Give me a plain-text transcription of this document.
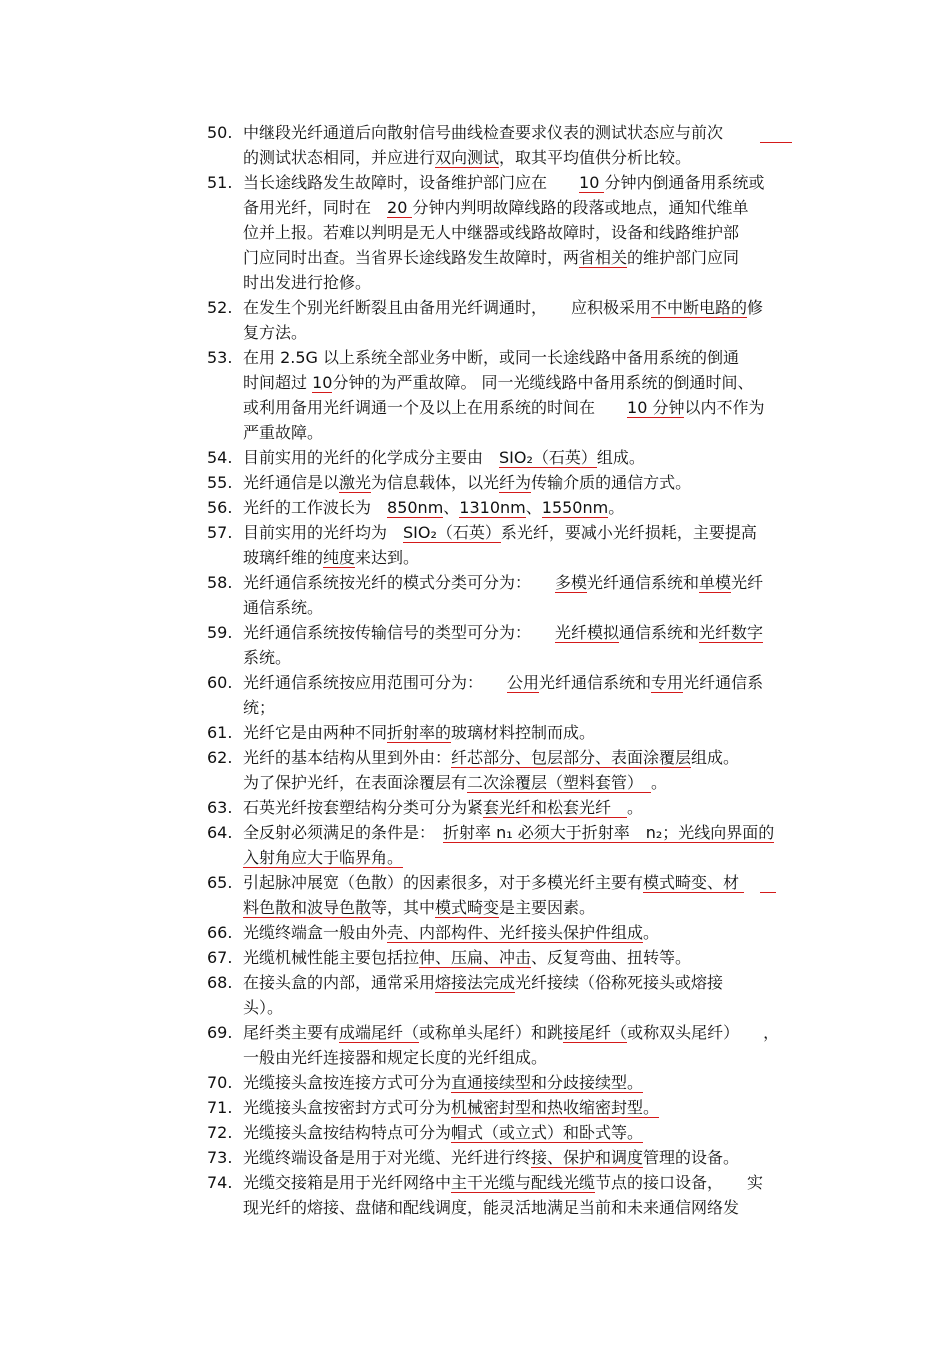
50. 中继段光纤通道后向散射信号曲线检查要求仪表的测试状态应与前次　　 　　
的测试状态相同，并应进行双向测试，取其平均值供分析比较。
51. 当长途线路发生故障时，设备维护部门应在　　10 分钟内倒通备用系统或
备用光纤，同时在　20 分钟内判明故障线路的段落或地点，通知代维单
位并上报。若难以判明是无人中继器或线路故障时，设备和线路维护部
门应同时出查。当省界长途线路发生故障时，两省相关的维护部门应同
时出发进行抢修。
52. 在发生个别光纤断裂且由备用光纤调通时，　　应积极采用不中断电路的修
复方法。
53. 在用 2.5G 以上系统全部业务中断，或同一长途线路中备用系统的倒通
时间超过 10分钟的为严重故障。 同一光缆线路中备用系统的倒通时间、
或利用备用光纤调通一个及以上在用系统的时间在　　10 分钟以内不作为
严重故障。
54. 目前实用的光纤的化学成分主要由　SIO₂（石英）组成。
55. 光纤通信是以激光为信息载体，以光纤为传输介质的通信方式。
56. 光纤的工作波长为　850nm、1310nm、1550nm。
57. 目前实用的光纤均为　SIO₂（石英）系光纤，要减小光纤损耗，主要提高
玻璃纤维的纯度来达到。
58. 光纤通信系统按光纤的模式分类可分为：　　多模光纤通信系统和单模光纤
通信系统。
59. 光纤通信系统按传输信号的类型可分为：　　光纤模拟通信系统和光纤数字
系统。
60. 光纤通信系统按应用范围可分为：　　公用光纤通信系统和专用光纤通信系
统；
61. 光纤它是由两种不同折射率的玻璃材料控制而成。
62. 光纤的基本结构从里到外由：纤芯部分、包层部分、表面涂覆层组成。
为了保护光纤，在表面涂覆层有二次涂覆层（塑料套管）　。
63. 石英光纤按套塑结构分类可分为紧套光纤和松套光纤　。
64. 全反射必须满足的条件是：　折射率 n₁ 必须大于折射率　n₂；光线向界面的
入射角应大于临界角。
65. 引起脉冲展宽（色散）的因素很多，对于多模光纤主要有模式畸变、材 　　
料色散和波导色散等，其中模式畸变是主要因素。
66. 光缆终端盒一般由外壳、内部构件、光纤接头保护件组成。
67. 光缆机械性能主要包括拉伸、压扁、冲击、反复弯曲、扭转等。
68. 在接头盒的内部，通常采用熔接法完成光纤接续（俗称死接头或熔接
头）。
69. 尾纤类主要有成端尾纤（或称单头尾纤）和跳接尾纤（或称双头尾纤）　　，
一般由光纤连接器和规定长度的光纤组成。
70. 光缆接头盒按连接方式可分为直通接续型和分歧接续型。
71. 光缆接头盒按密封方式可分为机械密封型和热收缩密封型。
72. 光缆接头盒按结构特点可分为帽式（或立式）和卧式等。
73. 光缆终端设备是用于对光缆、光纤进行终接、保护和调度管理的设备。
74. 光缆交接箱是用于光纤网络中主干光缆与配线光缆节点的接口设备，　　实
现光纤的熔接、盘储和配线调度，能灵活地满足当前和未来通信网络发
